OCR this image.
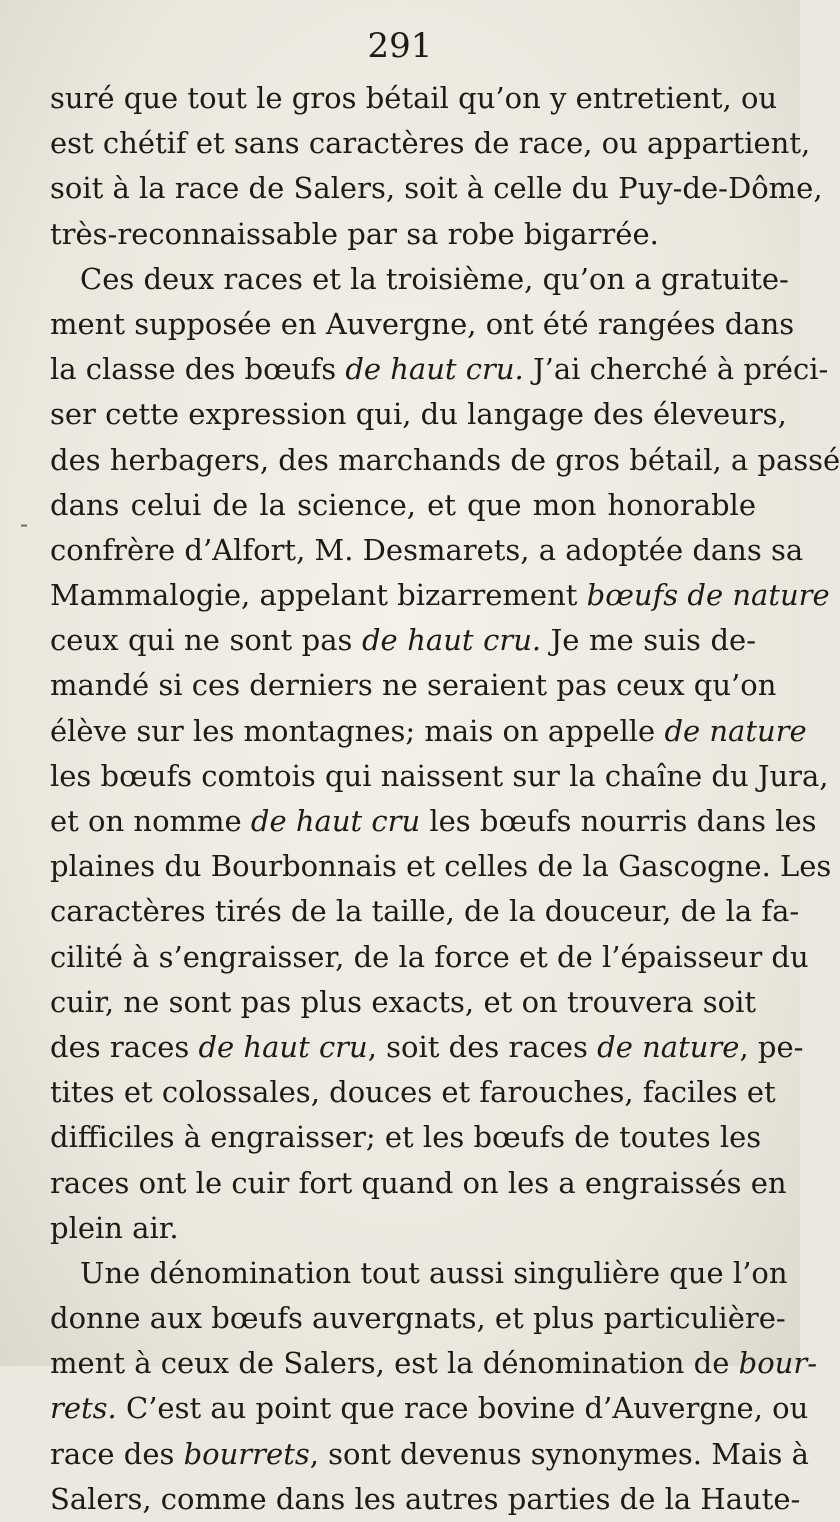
291
-
suré que tout le gros bétail qu’on y entretient, ou
est chétif et sans caractères de race, ou appartient,
soit à la race de Salers, soit à celle du Puy-de-Dôme,
très-reconnaissable par sa robe bigarrée.
Ces deux races et la troisième, qu’on a gratuite-
ment supposée en Auvergne, ont été rangées dans
la classe des bœufs de haut cru. J’ai cherché à préci-
ser cette expression qui, du langage des éleveurs,
des herbagers, des marchands de gros bétail, a passé
dans celui de la science, et que mon honorable
confrère d’Alfort, M. Desmarets, a adoptée dans sa
Mammalogie, appelant bizarrement bœufs de nature
ceux qui ne sont pas de haut cru. Je me suis de-
mandé si ces derniers ne seraient pas ceux qu’on
élève sur les montagnes; mais on appelle de nature
les bœufs comtois qui naissent sur la chaîne du Jura,
et on nomme de haut cru les bœufs nourris dans les
plaines du Bourbonnais et celles de la Gascogne. Les
caractères tirés de la taille, de la douceur, de la fa-
cilité à s’engraisser, de la force et de l’épaisseur du
cuir, ne sont pas plus exacts, et on trouvera soit
des races de haut cru, soit des races de nature, pe-
tites et colossales, douces et farouches, faciles et
difficiles à engraisser; et les bœufs de toutes les
races ont le cuir fort quand on les a engraissés en
plein air.
Une dénomination tout aussi singulière que l’on
donne aux bœufs auvergnats, et plus particulière-
ment à ceux de Salers, est la dénomination de bour-
rets. C’est au point que race bovine d’Auvergne, ou
race des bourrets, sont devenus synonymes. Mais à
Salers, comme dans les autres parties de la Haute-
